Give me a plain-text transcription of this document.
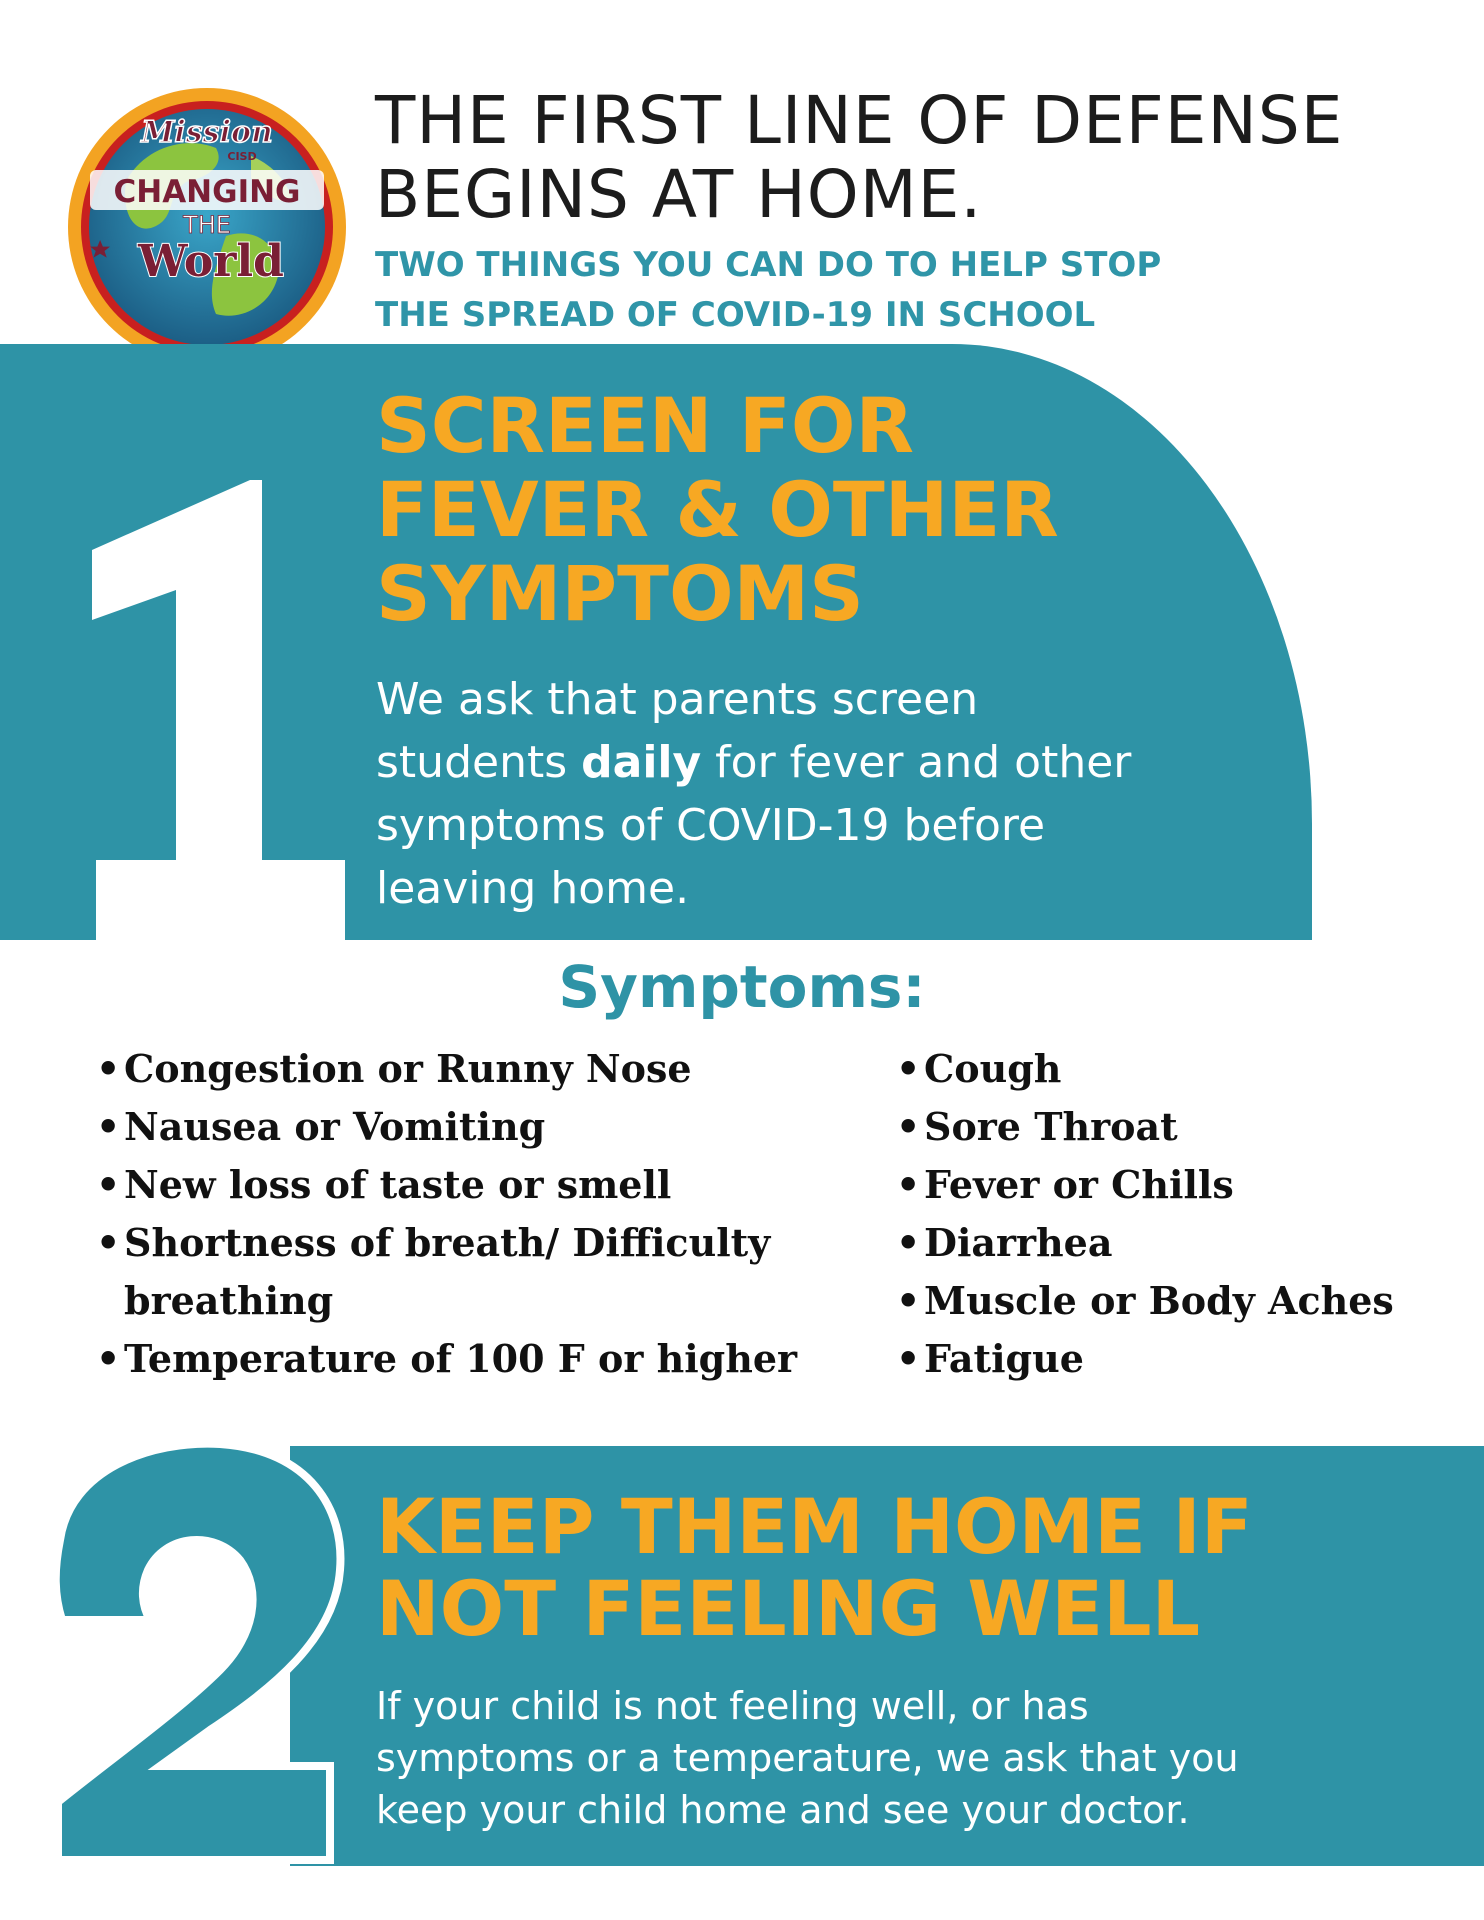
Mission
CISD
CHANGING
THE
World
THE FIRST LINE OF DEFENSE
BEGINS AT HOME.
TWO THINGS YOU CAN DO TO HELP STOP
THE SPREAD OF COVID-19 IN SCHOOL
1	SCREEN FOR
FEVER & OTHER
SYMPTOMS
We ask that parents screen
students daily for fever and other
symptoms of COVID-19 before
leaving home.
Symptoms:
• Congestion or Runny Nose
• Nausea or Vomiting
• New loss of taste or smell
• Shortness of breath/ Difficulty
breathing
• Temperature of 100 F or higher
• Cough
• Sore Throat
• Fever or Chills
• Diarrhea
• Muscle or Body Aches
• Fatigue
2
KEEP THEM HOME IF
NOT FEELING WELL
If your child is not feeling well, or has
symptoms or a temperature, we ask that you
keep your child home and see your doctor.
